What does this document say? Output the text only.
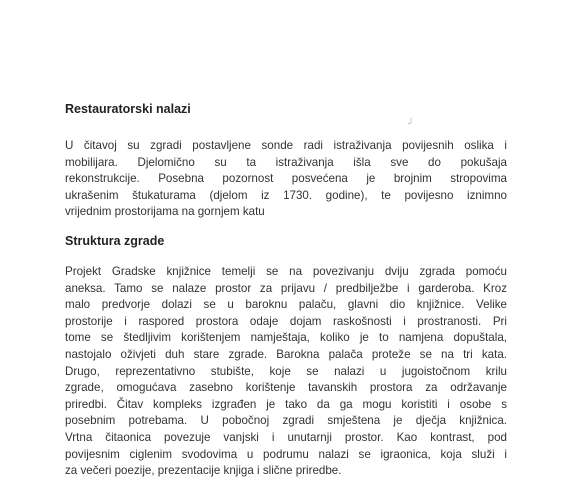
╯
Restauratorski nalazi
U čitavoj su zgradi postavljene sonde radi istraživanja povijesnih oslika i
mobilijara. Djelomično su ta istraživanja išla sve do pokušaja
rekonstrukcije. Posebna pozornost posvećena je brojnim stropovima
ukrašenim štukaturama (djelom iz 1730. godine), te povijesno iznimno
vrijednim prostorijama na gornjem katu
Struktura zgrade
Projekt Gradske knjižnice temelji se na povezivanju dviju zgrada pomoću
aneksa. Tamo se nalaze prostor za prijavu / predbilježbe i garderoba. Kroz
malo predvorje dolazi se u baroknu palaču, glavni dio knjižnice. Velike
prostorije i raspored prostora odaje dojam raskošnosti i prostranosti. Pri
tome se štedljivim korištenjem namještaja, koliko je to namjena dopuštala,
nastojalo oživjeti duh stare zgrade. Barokna palača proteže se na tri kata.
Drugo, reprezentativno stubište, koje se nalazi u jugoistočnom krilu
zgrade, omogućava zasebno korištenje tavanskih prostora za održavanje
priredbi. Čitav kompleks izgrađen je tako da ga mogu koristiti i osobe s
posebnim potrebama. U pobočnoj zgradi smještena je dječja knjižnica.
Vrtna čitaonica povezuje vanjski i unutarnji prostor. Kao kontrast, pod
povijesnim ciglenim svodovima u podrumu nalazi se igraonica, koja služi i
za večeri poezije, prezentacije knjiga i slične priredbe.
